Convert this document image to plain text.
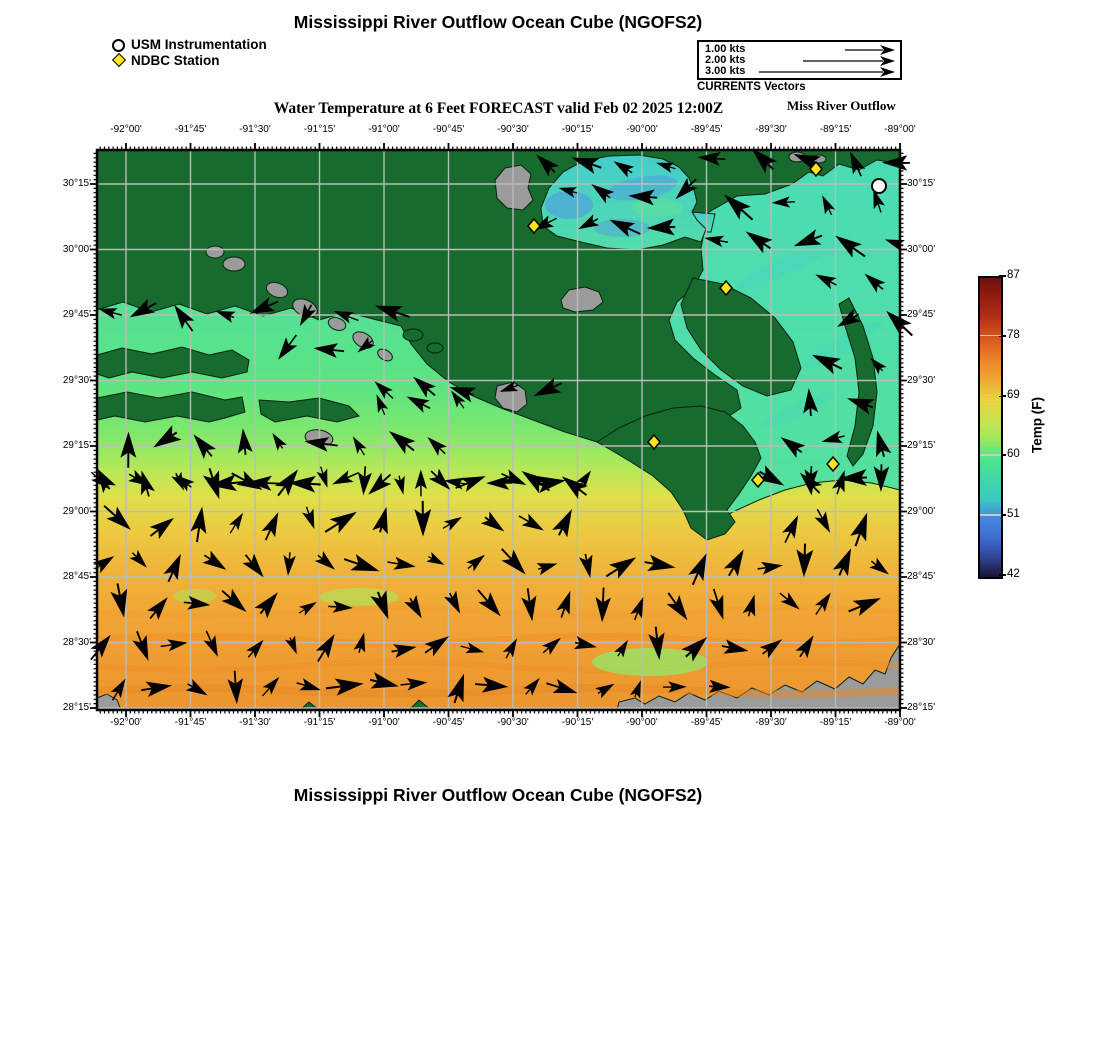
Mississippi River Outflow Ocean Cube (NGOFS2)
USM Instrumentation
NDBC Station
1.00 kts
2.00 kts
3.00 kts
CURRENTS Vectors
Water Temperature at 6 Feet FORECAST valid Feb 02 2025 12:00Z	Miss River Outflow
Temp (F)
Mississippi River Outflow Ocean Cube (NGOFS2)
-92°00'
-92°00'
-91°45'
-91°45'
-91°30'
-91°30'
-91°15'
-91°15'
-91°00'
-91°00'
-90°45'
-90°45'
-90°30'
-90°30'
-90°15'
-90°15'
-90°00'
-90°00'
-89°45'
-89°45'
-89°30'
-89°30'
-89°15'
-89°15'
-89°00'
-89°00'
30°15'	30°15'
30°00'	30°00'
29°45'	29°45'
29°30'	29°30'
29°15'	29°15'
29°00'	29°00'
28°45'	28°45'
28°30'	28°30'
28°15'	28°15'
87
78
69
60
51
42
